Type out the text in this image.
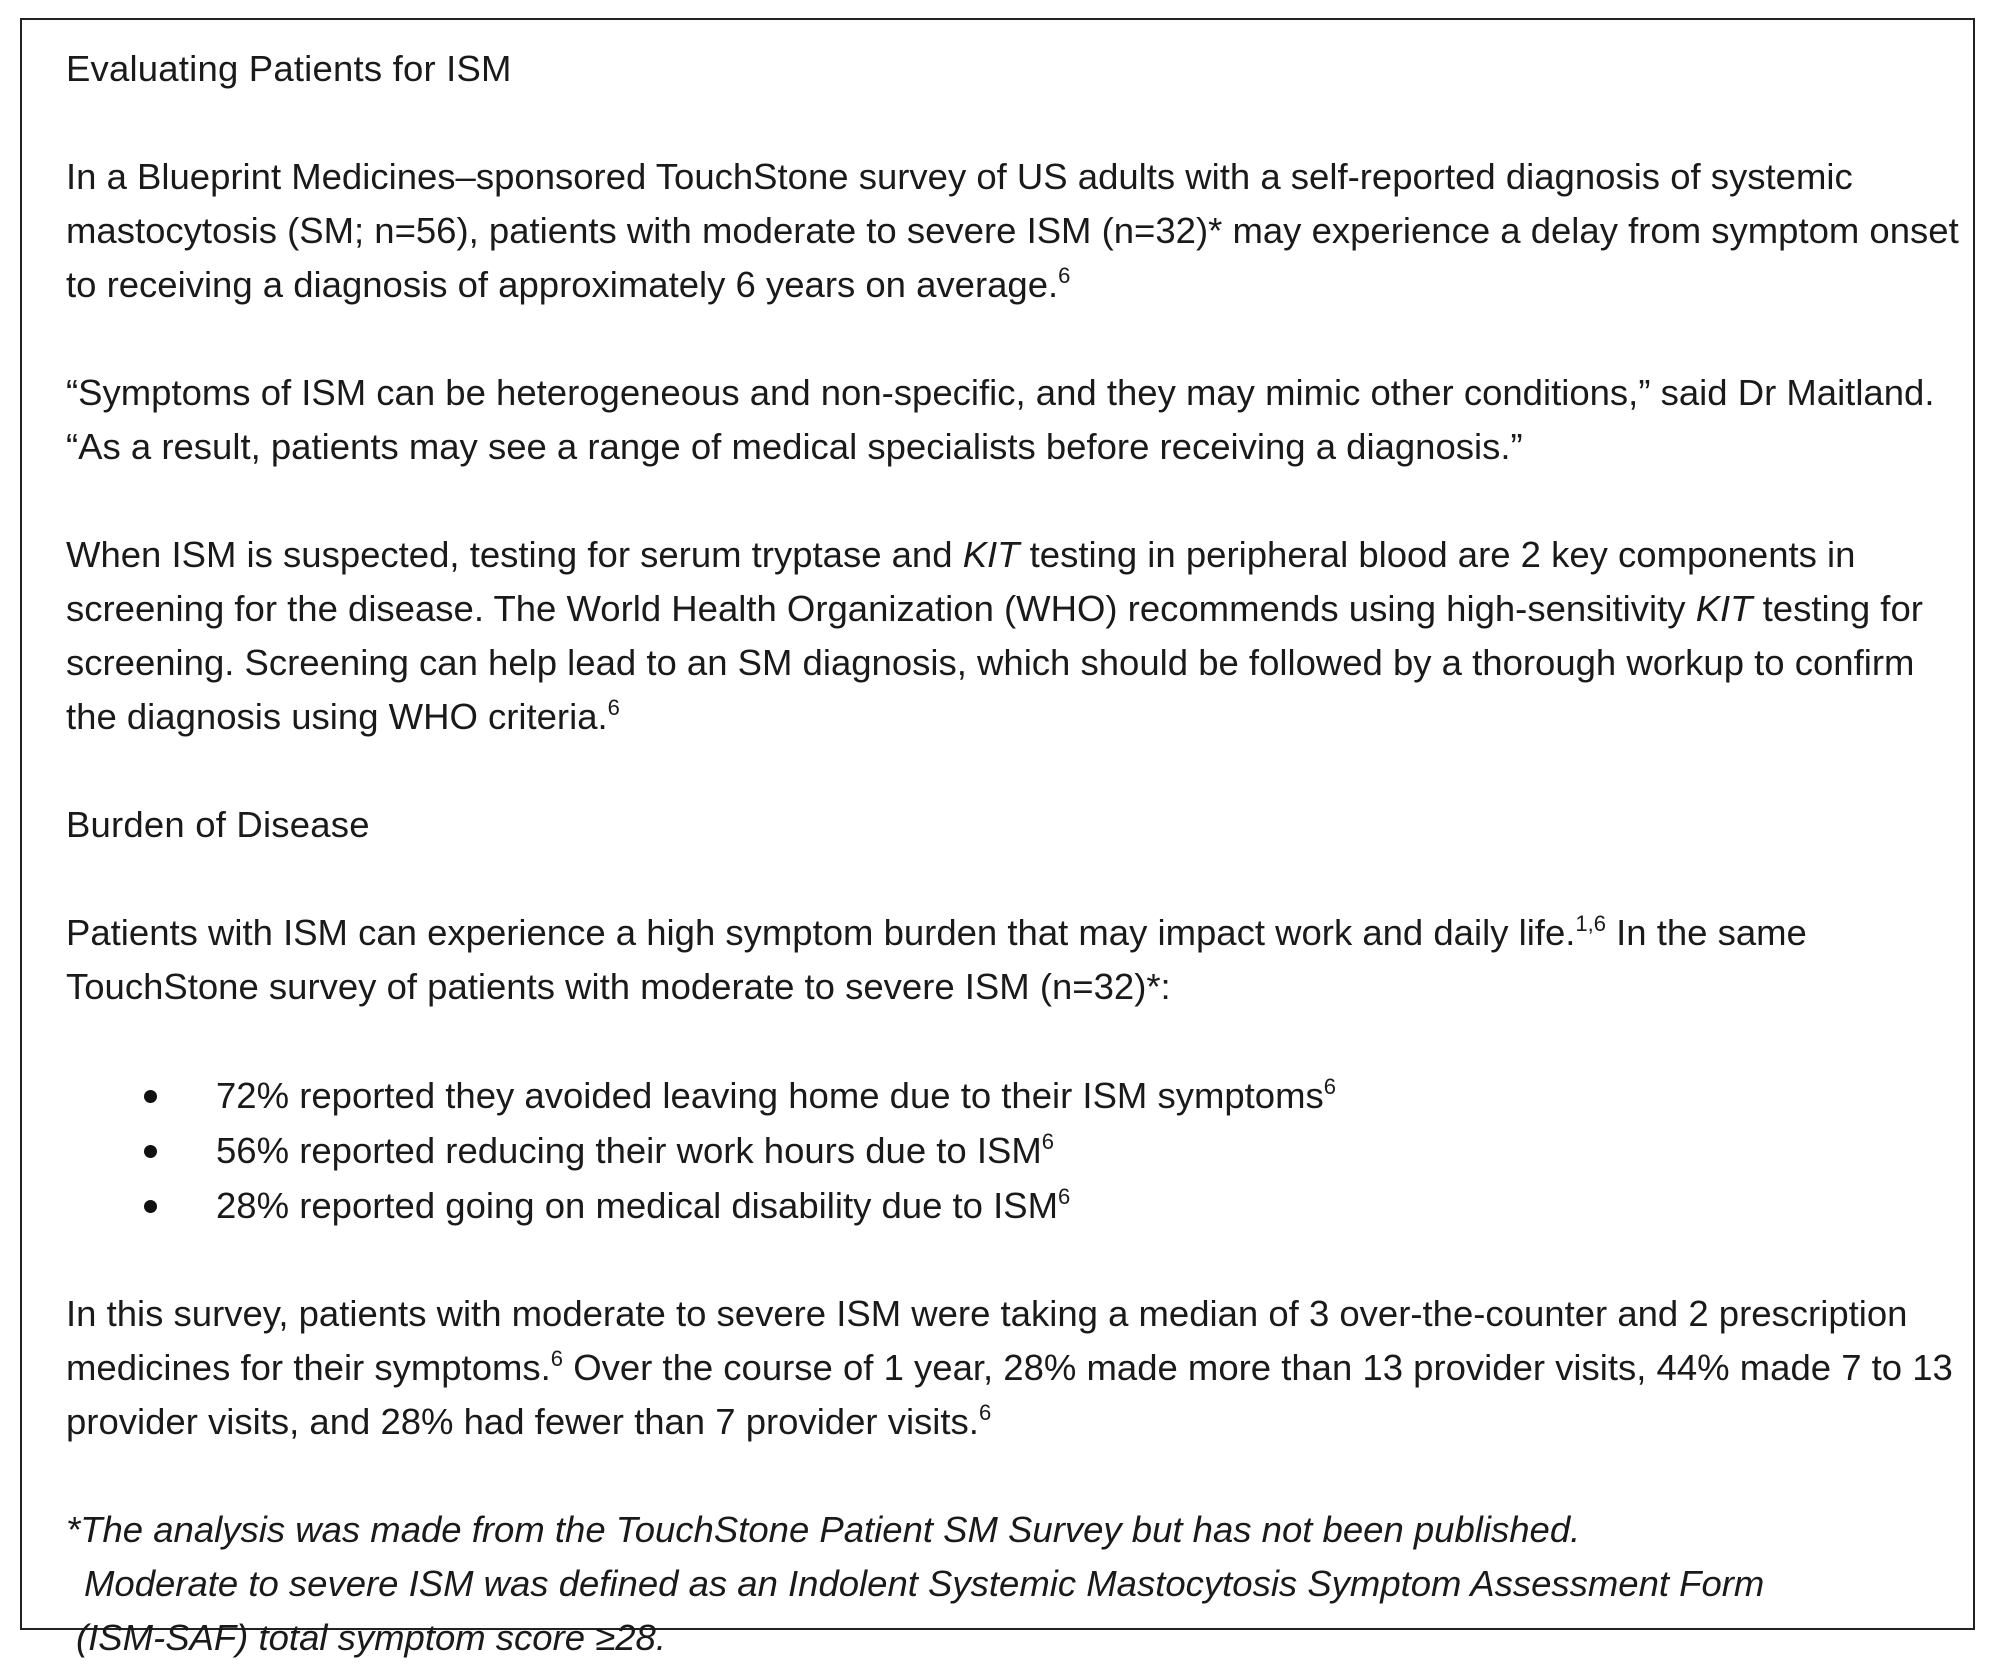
Evaluating Patients for ISM

In a Blueprint Medicines–sponsored TouchStone survey of US adults with a self-reported diagnosis of systemic mastocytosis (SM; n=56), patients with moderate to severe ISM (n=32)* may experience a delay from symptom onset to receiving a diagnosis of approximately 6 years on average.$^6$

“Symptoms of ISM can be heterogeneous and non-specific, and they may mimic other conditions,” said Dr Maitland. “As a result, patients may see a range of medical specialists before receiving a diagnosis.”

When ISM is suspected, testing for serum tryptase and KIT testing in peripheral blood are 2 key components in screening for the disease. The World Health Organization (WHO) recommends using high-sensitivity KIT testing for screening. Screening can help lead to an SM diagnosis, which should be followed by a thorough workup to confirm the diagnosis using WHO criteria.$^6$

Burden of Disease

Patients with ISM can experience a high symptom burden that may impact work and daily life.$^{1,6}$ In the same TouchStone survey of patients with moderate to severe ISM (n=32)*:

72% reported they avoided leaving home due to their ISM symptoms$^6$
56% reported reducing their work hours due to ISM$^6$
28% reported going on medical disability due to ISM$^6$

In this survey, patients with moderate to severe ISM were taking a median of 3 over-the-counter and 2 prescription medicines for their symptoms.$^6$ Over the course of 1 year, 28% made more than 13 provider visits, 44% made 7 to 13 provider visits, and 28% had fewer than 7 provider visits.$^6$

*The analysis was made from the TouchStone Patient SM Survey but has not been published.

Moderate to severe ISM was defined as an Indolent Systemic Mastocytosis Symptom Assessment Form

(ISM-SAF) total symptom score ≥28.
